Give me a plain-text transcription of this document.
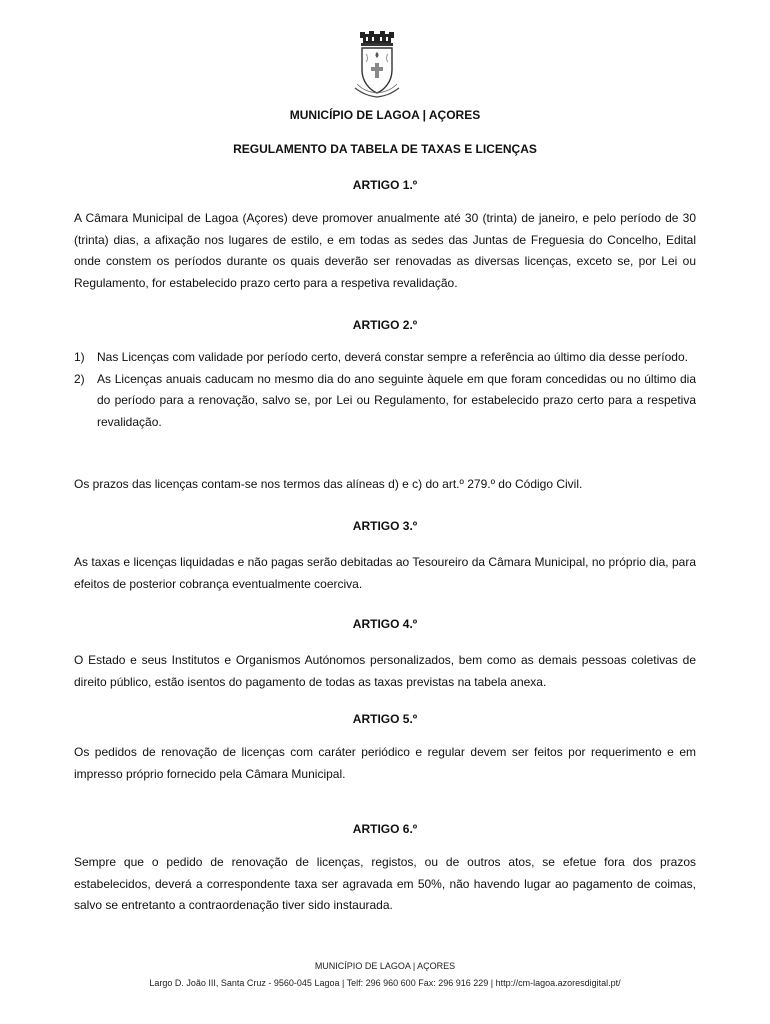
MUNICÍPIO DE LAGOA | AÇORES
REGULAMENTO DA TABELA DE TAXAS E LICENÇAS
ARTIGO 1.º

A Câmara Municipal de Lagoa (Açores) deve promover anualmente até 30 (trinta) de janeiro, e pelo período de 30 (trinta) dias, a afixação nos lugares de estilo, e em todas as sedes das Juntas de Freguesia do Concelho, Edital onde constem os períodos durante os quais deverão ser renovadas as diversas licenças, exceto se, por Lei ou Regulamento, for estabelecido prazo certo para a respetiva revalidação.

ARTIGO 2.º
1) Nas Licenças com validade por período certo, deverá constar sempre a referência ao último dia desse período.
2) As Licenças anuais caducam no mesmo dia do ano seguinte àquele em que foram concedidas ou no último dia do período para a renovação, salvo se, por Lei ou Regulamento, for estabelecido prazo certo para a respetiva revalidação.

Os prazos das licenças contam-se nos termos das alíneas d) e c) do art.º 279.º do Código Civil.

ARTIGO 3.º

As taxas e licenças liquidadas e não pagas serão debitadas ao Tesoureiro da Câmara Municipal, no próprio dia, para efeitos de posterior cobrança eventualmente coerciva.

ARTIGO 4.º

O Estado e seus Institutos e Organismos Autónomos personalizados, bem como as demais pessoas coletivas de direito público, estão isentos do pagamento de todas as taxas previstas na tabela anexa.

ARTIGO 5.º

Os pedidos de renovação de licenças com caráter periódico e regular devem ser feitos por requerimento e em impresso próprio fornecido pela Câmara Municipal.

ARTIGO 6.º

Sempre que o pedido de renovação de licenças, registos, ou de outros atos, se efetue fora dos prazos estabelecidos, deverá a correspondente taxa ser agravada em 50%, não havendo lugar ao pagamento de coimas, salvo se entretanto a contraordenação tiver sido instaurada.

MUNICÍPIO DE LAGOA | AÇORES
Largo D. João III, Santa Cruz - 9560-045 Lagoa | Telf: 296 960 600 Fax: 296 916 229 | http://cm-lagoa.azoresdigital.pt/
